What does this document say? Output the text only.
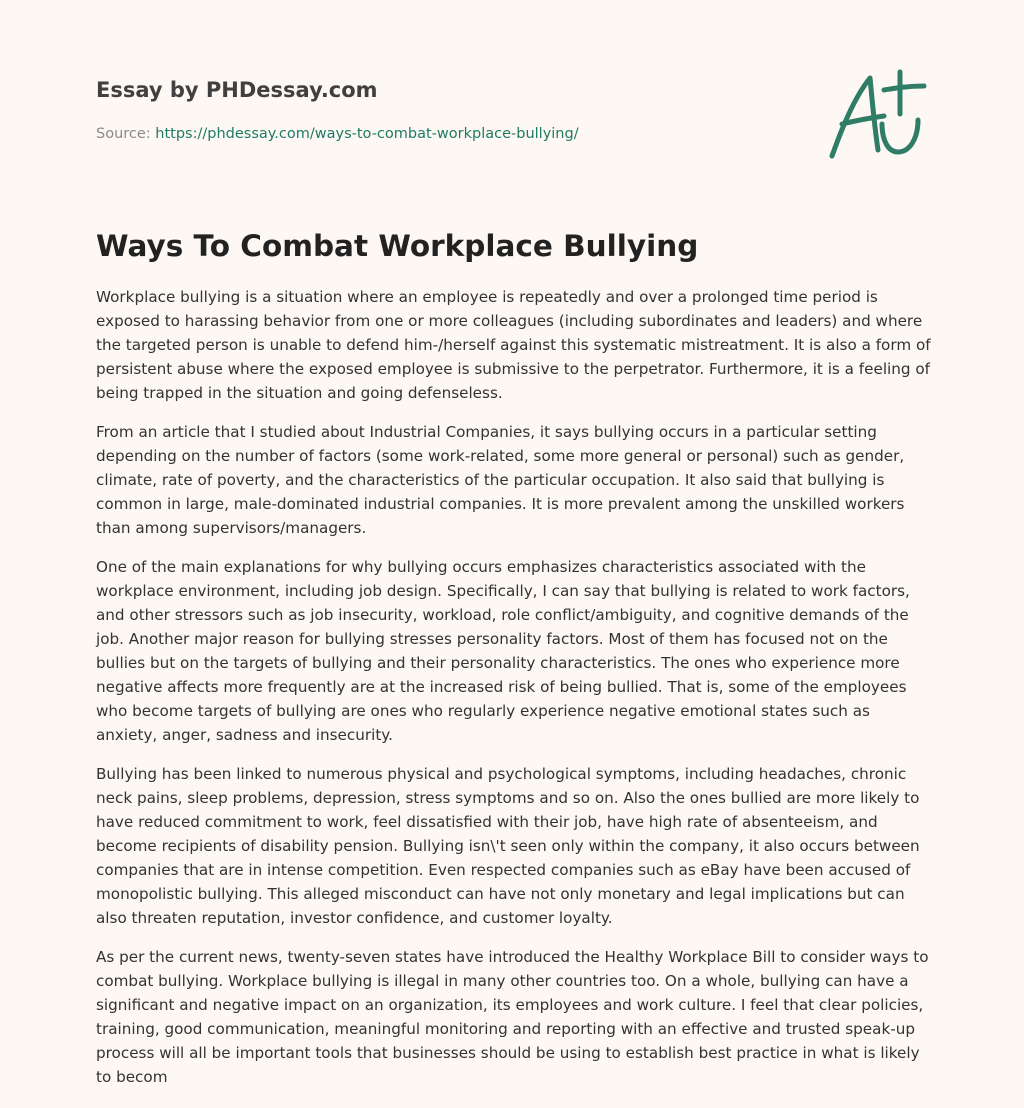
Essay by PHDessay.com
Source: https://phdessay.com/ways-to-combat-workplace-bullying/
Ways To Combat Workplace Bullying

Workplace bullying is a situation where an employee is repeatedly and over a prolonged time period is exposed to harassing behavior from one or more colleagues (including subordinates and leaders) and where the targeted person is unable to defend him-/herself against this systematic mistreatment. It is also a form of persistent abuse where the exposed employee is submissive to the perpetrator. Furthermore, it is a feeling of being trapped in the situation and going defenseless.

From an article that I studied about Industrial Companies, it says bullying occurs in a particular setting depending on the number of factors (some work-related, some more general or personal) such as gender, climate, rate of poverty, and the characteristics of the particular occupation. It also said that bullying is common in large, male-dominated industrial companies. It is more prevalent among the unskilled workers than among supervisors/managers.

One of the main explanations for why bullying occurs emphasizes characteristics associated with the workplace environment, including job design. Specifically, I can say that bullying is related to work factors, and other stressors such as job insecurity, workload, role conflict/ambiguity, and cognitive demands of the job. Another major reason for bullying stresses personality factors. Most of them has focused not on the bullies but on the targets of bullying and their personality characteristics. The ones who experience more negative affects more frequently are at the increased risk of being bullied. That is, some of the employees who become targets of bullying are ones who regularly experience negative emotional states such as anxiety, anger, sadness and insecurity.

Bullying has been linked to numerous physical and psychological symptoms, including headaches, chronic neck pains, sleep problems, depression, stress symptoms and so on. Also the ones bullied are more likely to have reduced commitment to work, feel dissatisfied with their job, have high rate of absenteeism, and become recipients of disability pension. Bullying isn\'t seen only within the company, it also occurs between companies that are in intense competition. Even respected companies such as eBay have been accused of monopolistic bullying. This alleged misconduct can have not only monetary and legal implications but can also threaten reputation, investor confidence, and customer loyalty.

As per the current news, twenty-seven states have introduced the Healthy Workplace Bill to consider ways to combat bullying. Workplace bullying is illegal in many other countries too. On a whole, bullying can have a significant and negative impact on an organization, its employees and work culture. I feel that clear policies, training, good communication, meaningful monitoring and reporting with an effective and trusted speak-up process will all be important tools that businesses should be using to establish best practice in what is likely to becom
